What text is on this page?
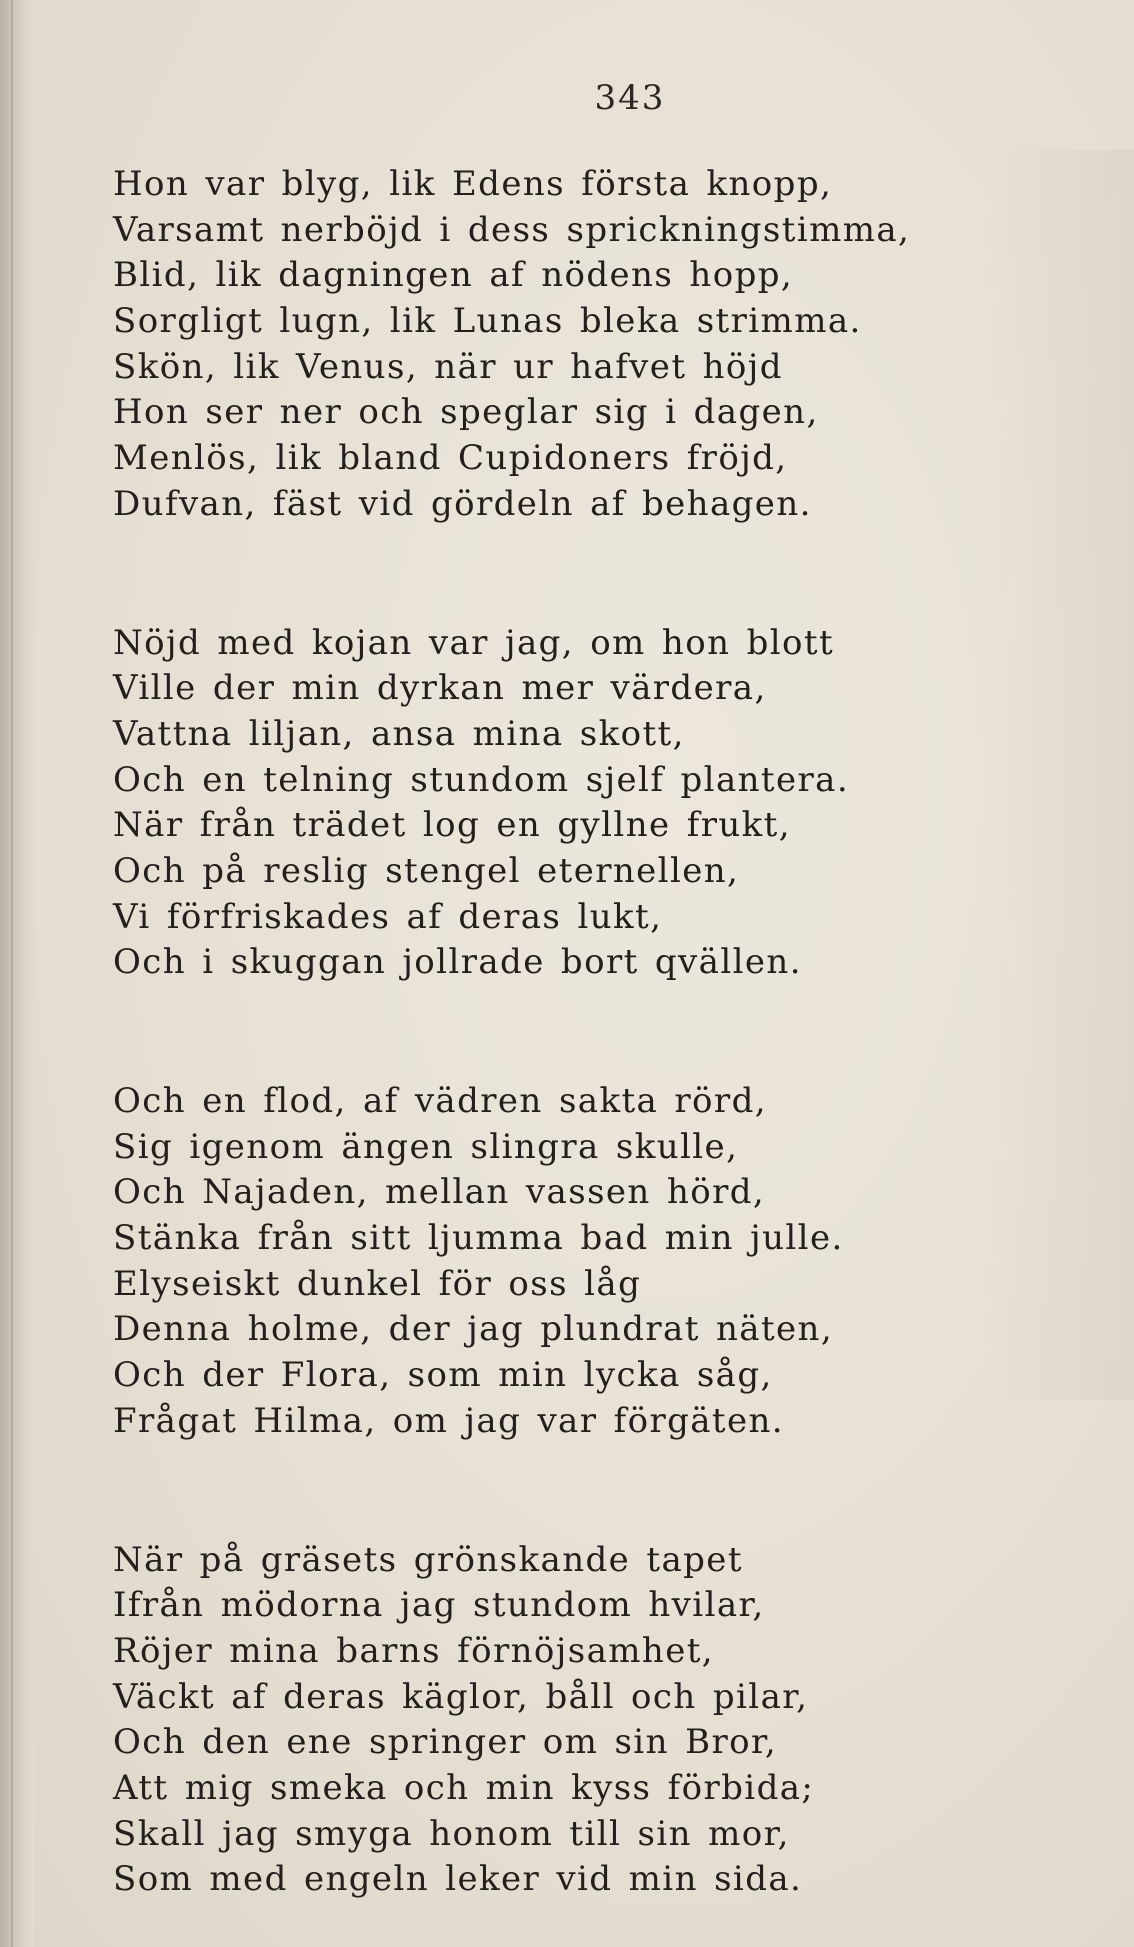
343
Hon var blyg, lik Edens första knopp,
Varsamt nerböjd i dess sprickningstimma,
Blid, lik dagningen af nödens hopp,
Sorgligt lugn, lik Lunas bleka strimma.
Skön, lik Venus, när ur hafvet höjd
Hon ser ner och speglar sig i dagen,
Menlös, lik bland Cupidoners fröjd,
Dufvan, fäst vid gördeln af behagen.
Nöjd med kojan var jag, om hon blott
Ville der min dyrkan mer värdera,
Vattna liljan, ansa mina skott,
Och en telning stundom sjelf plantera.
När från trädet log en gyllne frukt,
Och på reslig stengel eternellen,
Vi förfriskades af deras lukt,
Och i skuggan jollrade bort qvällen.
Och en flod, af vädren sakta rörd,
Sig igenom ängen slingra skulle,
Och Najaden, mellan vassen hörd,
Stänka från sitt ljumma bad min julle.
Elyseiskt dunkel för oss låg
Denna holme, der jag plundrat näten,
Och der Flora, som min lycka såg,
Frågat Hilma, om jag var förgäten.
När på gräsets grönskande tapet
Ifrån mödorna jag stundom hvilar,
Röjer mina barns förnöjsamhet,
Väckt af deras käglor, båll och pilar,
Och den ene springer om sin Bror,
Att mig smeka och min kyss förbida;
Skall jag smyga honom till sin mor,
Som med engeln leker vid min sida.
